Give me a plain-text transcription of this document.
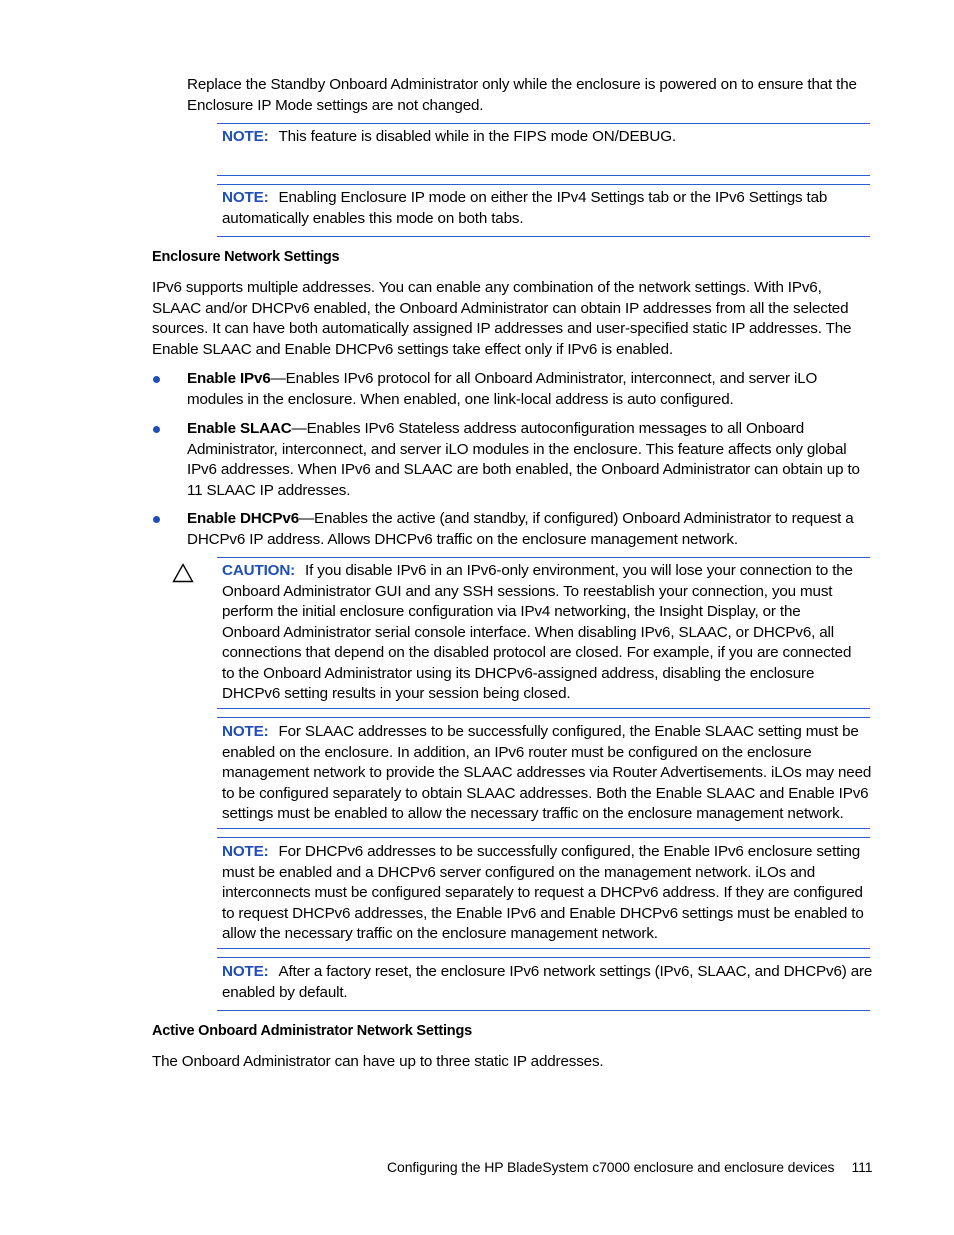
Replace the Standby Onboard Administrator only while the enclosure is powered on to ensure that the
Enclosure IP Mode settings are not changed.
NOTE: This feature is disabled while in the FIPS mode ON/DEBUG.
NOTE: Enabling Enclosure IP mode on either the IPv4 Settings tab or the IPv6 Settings tab
automatically enables this mode on both tabs.
Enclosure Network Settings
IPv6 supports multiple addresses. You can enable any combination of the network settings. With IPv6,
SLAAC and/or DHCPv6 enabled, the Onboard Administrator can obtain IP addresses from all the selected
sources. It can have both automatically assigned IP addresses and user-specified static IP addresses. The
Enable SLAAC and Enable DHCPv6 settings take effect only if IPv6 is enabled.
Enable IPv6—Enables IPv6 protocol for all Onboard Administrator, interconnect, and server iLO
modules in the enclosure. When enabled, one link-local address is auto configured.
Enable SLAAC—Enables IPv6 Stateless address autoconfiguration messages to all Onboard
Administrator, interconnect, and server iLO modules in the enclosure. This feature affects only global
IPv6 addresses. When IPv6 and SLAAC are both enabled, the Onboard Administrator can obtain up to
11 SLAAC IP addresses.
Enable DHCPv6—Enables the active (and standby, if configured) Onboard Administrator to request a
DHCPv6 IP address. Allows DHCPv6 traffic on the enclosure management network.
CAUTION: If you disable IPv6 in an IPv6-only environment, you will lose your connection to the
Onboard Administrator GUI and any SSH sessions. To reestablish your connection, you must
perform the initial enclosure configuration via IPv4 networking, the Insight Display, or the
Onboard Administrator serial console interface. When disabling IPv6, SLAAC, or DHCPv6, all
connections that depend on the disabled protocol are closed. For example, if you are connected
to the Onboard Administrator using its DHCPv6-assigned address, disabling the enclosure
DHCPv6 setting results in your session being closed.
NOTE: For SLAAC addresses to be successfully configured, the Enable SLAAC setting must be
enabled on the enclosure. In addition, an IPv6 router must be configured on the enclosure
management network to provide the SLAAC addresses via Router Advertisements. iLOs may need
to be configured separately to obtain SLAAC addresses. Both the Enable SLAAC and Enable IPv6
settings must be enabled to allow the necessary traffic on the enclosure management network.
NOTE: For DHCPv6 addresses to be successfully configured, the Enable IPv6 enclosure setting
must be enabled and a DHCPv6 server configured on the management network. iLOs and
interconnects must be configured separately to request a DHCPv6 address. If they are configured
to request DHCPv6 addresses, the Enable IPv6 and Enable DHCPv6 settings must be enabled to
allow the necessary traffic on the enclosure management network.
NOTE: After a factory reset, the enclosure IPv6 network settings (IPv6, SLAAC, and DHCPv6) are
enabled by default.
Active Onboard Administrator Network Settings
The Onboard Administrator can have up to three static IP addresses.
Configuring the HP BladeSystem c7000 enclosure and enclosure devices 111
